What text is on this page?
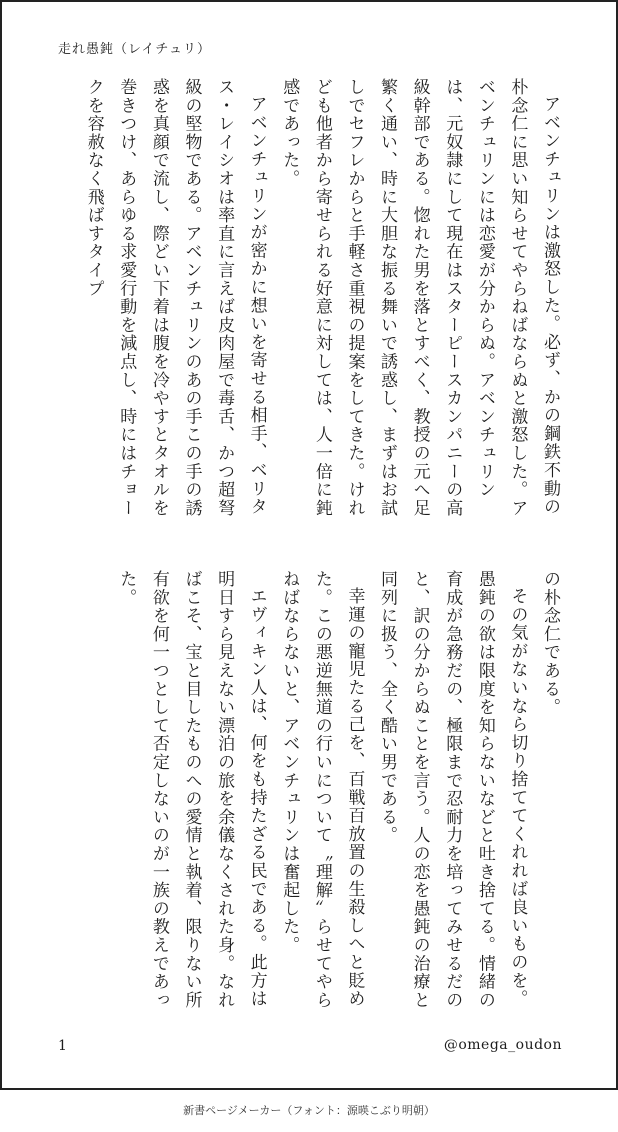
走れ愚鈍（レイチュリ）

アベンチュリンは激怒した。必ず、かの鋼鉄不動の朴念仁に思い知らせてやらねばならぬと激怒した。アベンチュリンには恋愛が分からぬ。アベンチュリンは、元奴隷にして現在はスターピースカンパニーの高級幹部である。惚れた男を落とすべく、教授の元へ足繁く通い、時に大胆な振る舞いで誘惑し、まずはお試しでセフレからと手軽さ重視の提案をしてきた。けれども他者から寄せられる好意に対しては、人一倍に鈍感であった。

アベンチュリンが密かに想いを寄せる相手、ベリタス・レイシオは率直に言えば皮肉屋で毒舌、かつ超弩級の堅物である。アベンチュリンのあの手この手の誘惑を真顔で流し、際どい下着は腹を冷やすとタオルを巻きつけ、あらゆる求愛行動を減点し、時にはチョークを容赦なく飛ばすタイプ

の朴念仁である。

その気がないなら切り捨ててくれれば良いものを。愚鈍の欲は限度を知らないなどと吐き捨てる。情緒の育成が急務だの、極限まで忍耐力を培ってみせるだのと、訳の分からぬことを言う。人の恋を愚鈍の治療と同列に扱う、全く酷い男である。

幸運の寵児たる己を、百戦百放置の生殺しへと貶めた。この悪逆無道の行いについて〝理解〟らせてやらねばならないと、アベンチュリンは奮起した。

エヴィキン人は、何をも持たざる民である。此方は明日すら見えない漂泊の旅を余儀なくされた身。なればこそ、宝と目したものへの愛情と執着、限りない所有欲を何一つとして否定しないのが一族の教えであった。

1	@omega_oudon
新書ページメーカー（フォント：源暎こぶり明朝）
